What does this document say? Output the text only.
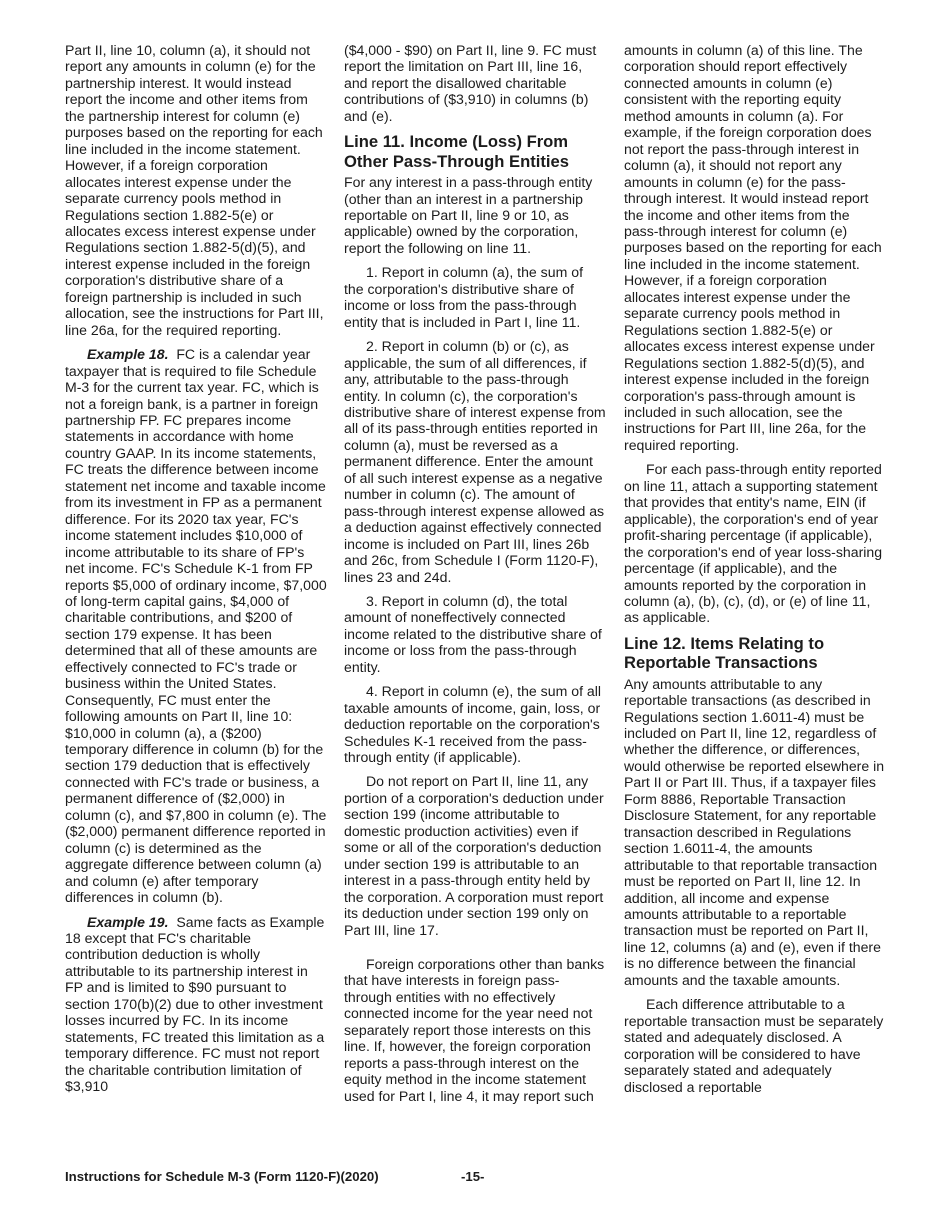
Part II, line 10, column (a), it should not report any amounts in column (e) for the partnership interest. It would instead report the income and other items from the partnership interest for column (e) purposes based on the reporting for each line included in the income statement. However, if a foreign corporation allocates interest expense under the separate currency pools method in Regulations section 1.882-5(e) or allocates excess interest expense under Regulations section 1.882-5(d)(5), and interest expense included in the foreign corporation's distributive share of a foreign partnership is included in such allocation, see the instructions for Part III, line 26a, for the required reporting.

Example 18. FC is a calendar year taxpayer that is required to file Schedule M-3 for the current tax year. FC, which is not a foreign bank, is a partner in foreign partnership FP. FC prepares income statements in accordance with home country GAAP. In its income statements, FC treats the difference between income statement net income and taxable income from its investment in FP as a permanent difference. For its 2020 tax year, FC's income statement includes $10,000 of income attributable to its share of FP's net income. FC's Schedule K-1 from FP reports $5,000 of ordinary income, $7,000 of long-term capital gains, $4,000 of charitable contributions, and $200 of section 179 expense. It has been determined that all of these amounts are effectively connected to FC's trade or business within the United States. Consequently, FC must enter the following amounts on Part II, line 10: $10,000 in column (a), a ($200) temporary difference in column (b) for the section 179 deduction that is effectively connected with FC's trade or business, a permanent difference of ($2,000) in column (c), and $7,800 in column (e). The ($2,000) permanent difference reported in column (c) is determined as the aggregate difference between column (a) and column (e) after temporary differences in column (b).

Example 19. Same facts as Example 18 except that FC's charitable contribution deduction is wholly attributable to its partnership interest in FP and is limited to $90 pursuant to section 170(b)(2) due to other investment losses incurred by FC. In its income statements, FC treated this limitation as a temporary difference. FC must not report the charitable contribution limitation of $3,910

($4,000 - $90) on Part II, line 9. FC must report the limitation on Part III, line 16, and report the disallowed charitable contributions of ($3,910) in columns (b) and (e).

Line 11. Income (Loss) From Other Pass-Through Entities

For any interest in a pass-through entity (other than an interest in a partnership reportable on Part II, line 9 or 10, as applicable) owned by the corporation, report the following on line 11.

1. Report in column (a), the sum of the corporation's distributive share of income or loss from the pass-through entity that is included in Part I, line 11.

2. Report in column (b) or (c), as applicable, the sum of all differences, if any, attributable to the pass-through entity. In column (c), the corporation's distributive share of interest expense from all of its pass-through entities reported in column (a), must be reversed as a permanent difference. Enter the amount of all such interest expense as a negative number in column (c). The amount of pass-through interest expense allowed as a deduction against effectively connected income is included on Part III, lines 26b and 26c, from Schedule I (Form 1120-F), lines 23 and 24d.

3. Report in column (d), the total amount of noneffectively connected income related to the distributive share of income or loss from the pass-through entity.

4. Report in column (e), the sum of all taxable amounts of income, gain, loss, or deduction reportable on the corporation's Schedules K-1 received from the pass-through entity (if applicable).

Do not report on Part II, line 11, any portion of a corporation's deduction under section 199 (income attributable to domestic production activities) even if some or all of the corporation's deduction under section 199 is attributable to an interest in a pass-through entity held by the corporation. A corporation must report its deduction under section 199 only on Part III, line 17.

Foreign corporations other than banks that have interests in foreign pass-through entities with no effectively connected income for the year need not separately report those interests on this line. If, however, the foreign corporation reports a pass-through interest on the equity method in the income statement used for Part I, line 4, it may report such

amounts in column (a) of this line. The corporation should report effectively connected amounts in column (e) consistent with the reporting equity method amounts in column (a). For example, if the foreign corporation does not report the pass-through interest in column (a), it should not report any amounts in column (e) for the pass-through interest. It would instead report the income and other items from the pass-through interest for column (e) purposes based on the reporting for each line included in the income statement. However, if a foreign corporation allocates interest expense under the separate currency pools method in Regulations section 1.882-5(e) or allocates excess interest expense under Regulations section 1.882-5(d)(5), and interest expense included in the foreign corporation's pass-through amount is included in such allocation, see the instructions for Part III, line 26a, for the required reporting.

For each pass-through entity reported on line 11, attach a supporting statement that provides that entity's name, EIN (if applicable), the corporation's end of year profit-sharing percentage (if applicable), the corporation's end of year loss-sharing percentage (if applicable), and the amounts reported by the corporation in column (a), (b), (c), (d), or (e) of line 11, as applicable.

Line 12. Items Relating to Reportable Transactions

Any amounts attributable to any reportable transactions (as described in Regulations section 1.6011-4) must be included on Part II, line 12, regardless of whether the difference, or differences, would otherwise be reported elsewhere in Part II or Part III. Thus, if a taxpayer files Form 8886, Reportable Transaction Disclosure Statement, for any reportable transaction described in Regulations section 1.6011-4, the amounts attributable to that reportable transaction must be reported on Part II, line 12. In addition, all income and expense amounts attributable to a reportable transaction must be reported on Part II, line 12, columns (a) and (e), even if there is no difference between the financial amounts and the taxable amounts.

Each difference attributable to a reportable transaction must be separately stated and adequately disclosed. A corporation will be considered to have separately stated and adequately disclosed a reportable

Instructions for Schedule M-3 (Form 1120-F)(2020)	-15-
